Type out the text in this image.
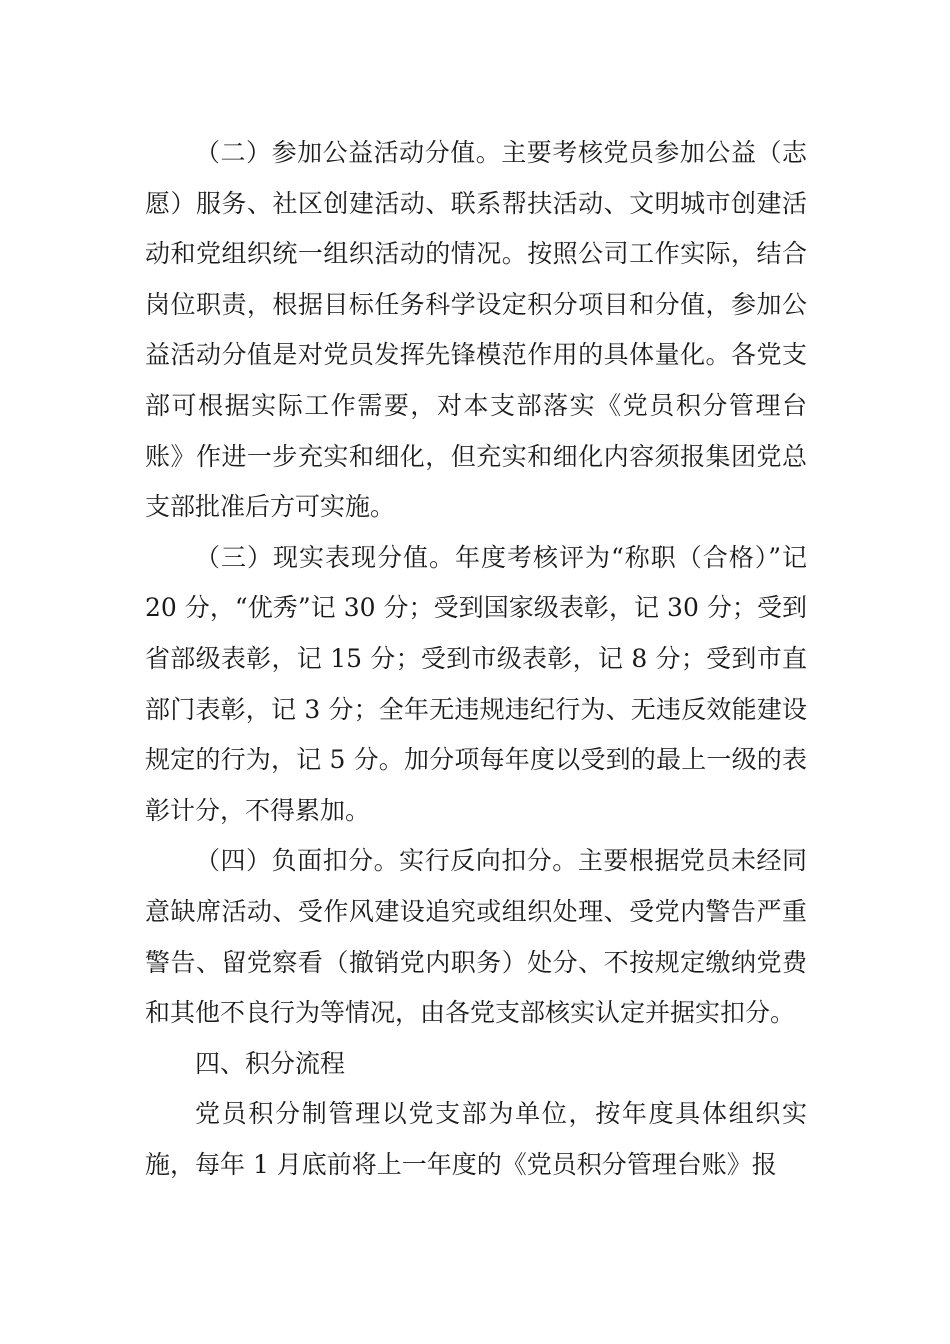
（二）参加公益活动分值。主要考核党员参加公益（志愿）服务、社区创建活动、联系帮扶活动、文明城市创建活动和党组织统一组织活动的情况。按照公司工作实际，结合岗位职责，根据目标任务科学设定积分项目和分值，参加公益活动分值是对党员发挥先锋模范作用的具体量化。各党支部可根据实际工作需要，对本支部落实《党员积分管理台账》作进一步充实和细化，但充实和细化内容须报集团党总支部批准后方可实施。

（三）现实表现分值。年度考核评为“称职（合格）”记 20 分，“优秀”记 30 分；受到国家级表彰，记 30 分；受到省部级表彰，记 15 分；受到市级表彰，记 8 分；受到市直部门表彰，记 3 分；全年无违规违纪行为、无违反效能建设规定的行为，记 5 分。加分项每年度以受到的最上一级的表彰计分，不得累加。

（四）负面扣分。实行反向扣分。主要根据党员未经同意缺席活动、受作风建设追究或组织处理、受党内警告严重警告、留党察看（撤销党内职务）处分、不按规定缴纳党费和其他不良行为等情况，由各党支部核实认定并据实扣分。

四、积分流程

党员积分制管理以党支部为单位，按年度具体组织实施，每年 1 月底前将上一年度的《党员积分管理台账》报
